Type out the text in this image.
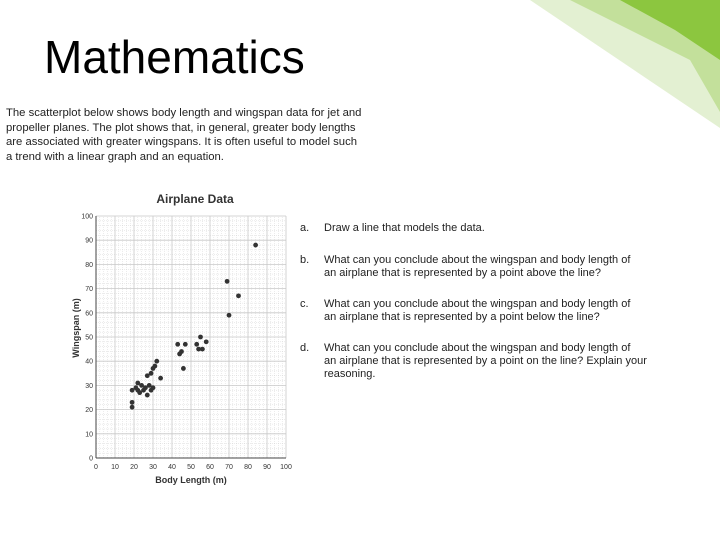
Mathematics
The scatterplot below shows body length and wingspan data for jet and
propeller planes. The plot shows that, in general, greater body lengths
are associated with greater wingspans. It is often useful to model such
a trend with a linear graph and an equation.
Airplane Data
Wingspan (m)
Body Length (m)
0 10 20 30 40 50 60 70 80 90 100
0
10
20
30
40
50
60
70
80
90
100
a. Draw a line that models the data.
b. What can you conclude about the wingspan and body length of
an airplane that is represented by a point above the line?
c. What can you conclude about the wingspan and body length of
an airplane that is represented by a point below the line?
d. What can you conclude about the wingspan and body length of
an airplane that is represented by a point on the line? Explain your
reasoning.
